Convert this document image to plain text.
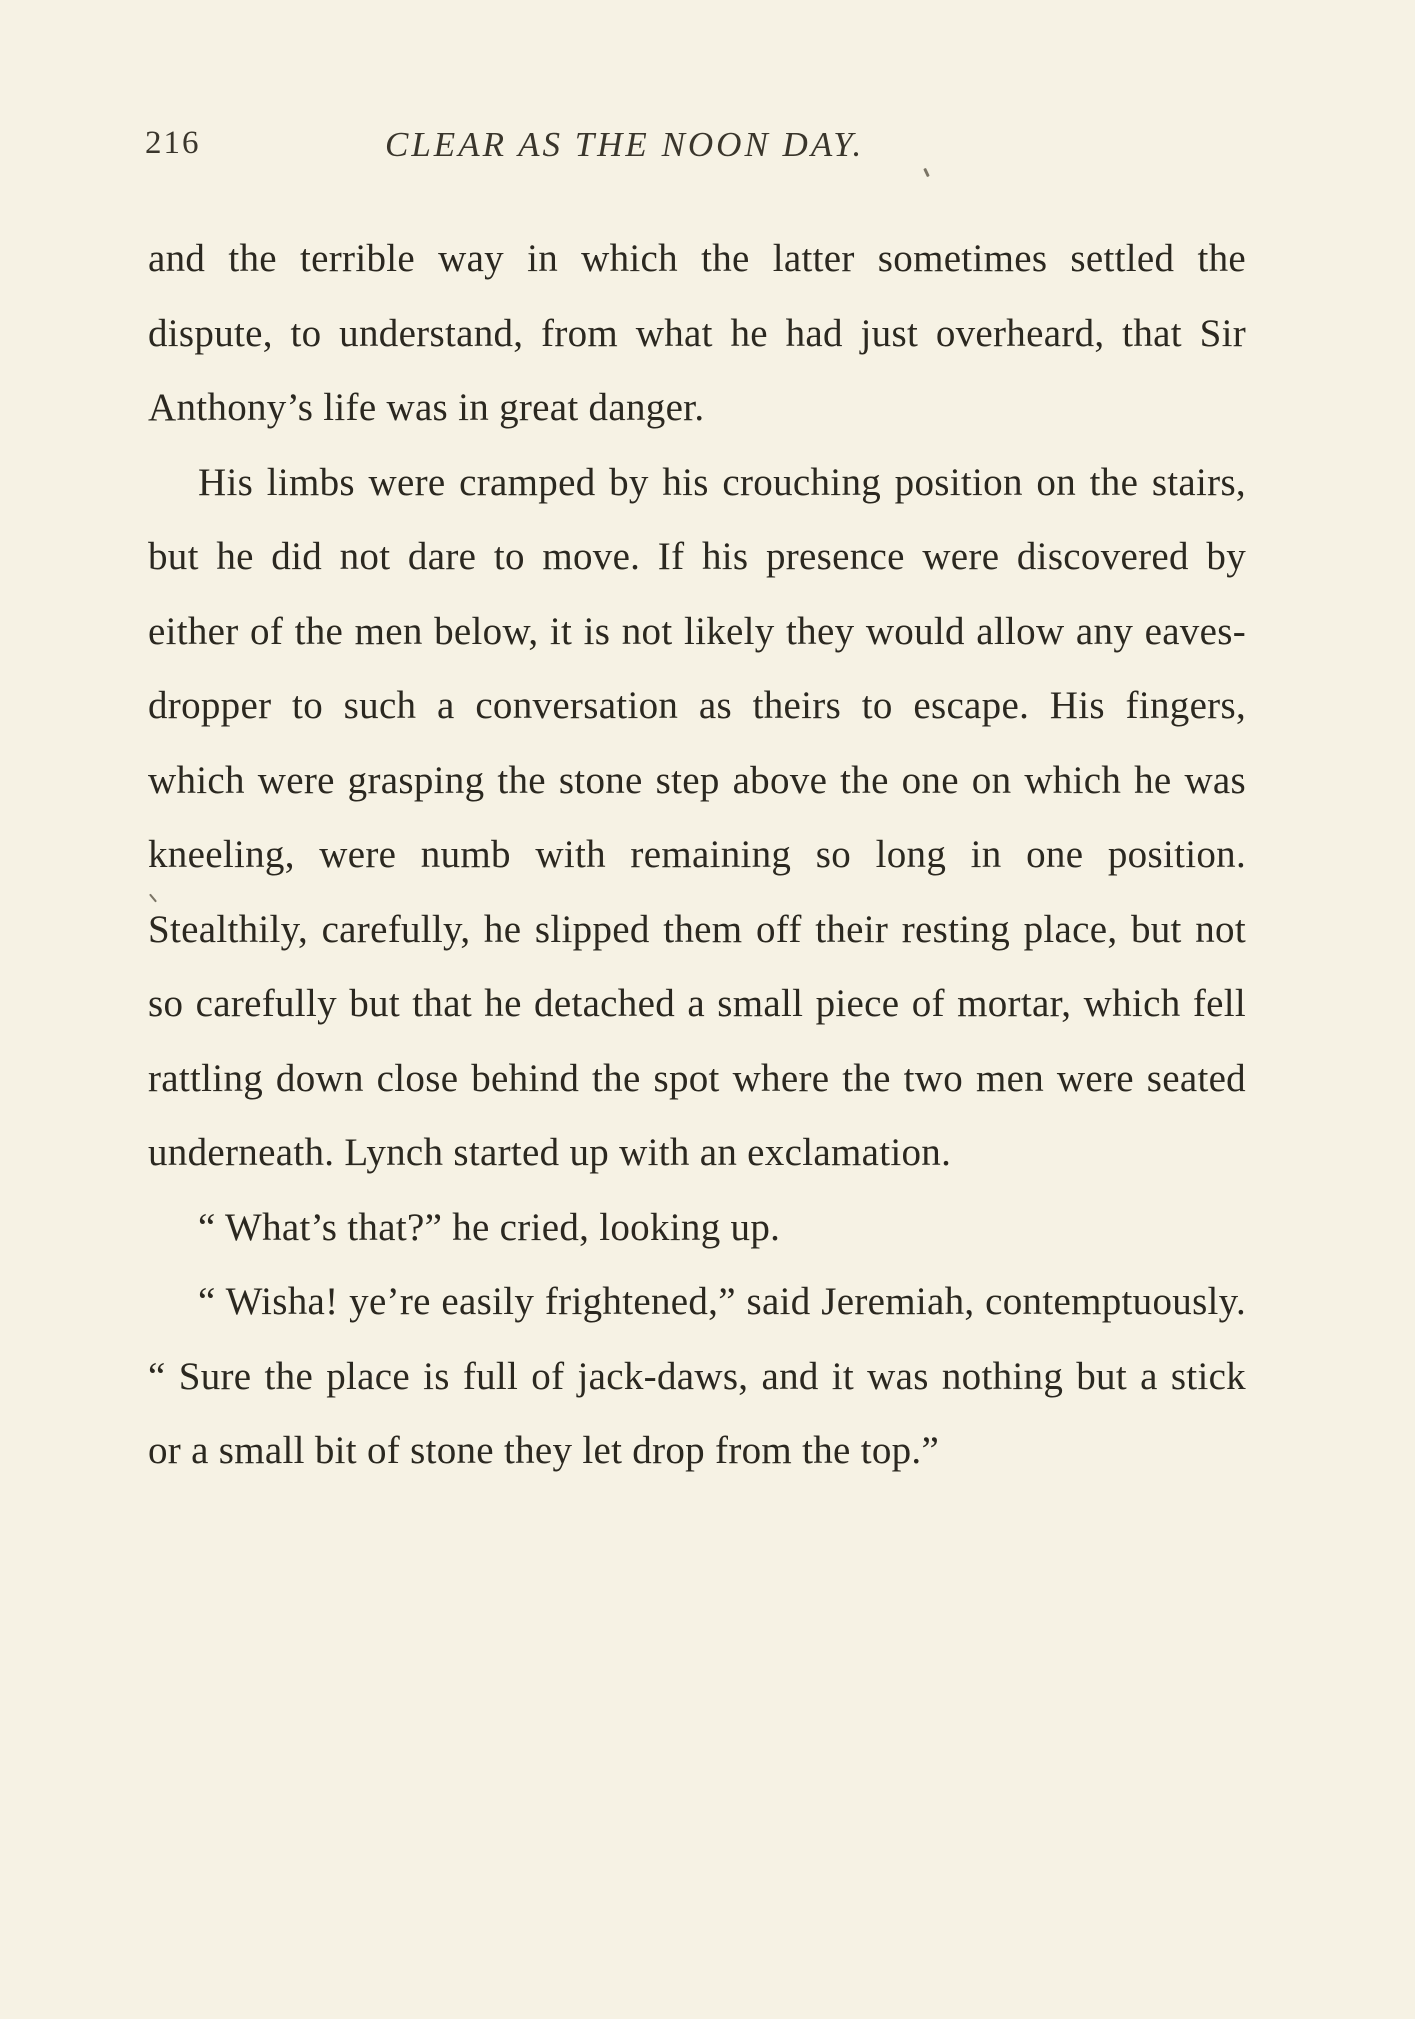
216	CLEAR AS THE NOON DAY.

and the terrible way in which the latter sometimes settled the dispute, to understand, from what he had just overheard, that Sir Anthony’s life was in great danger.

His limbs were cramped by his crouching position on the stairs, but he did not dare to move. If his presence were discovered by either of the men below, it is not likely they would allow any eaves-dropper to such a conversation as theirs to escape. His fingers, which were grasping the stone step above the one on which he was kneeling, were numb with remaining so long in one position. Stealthily, carefully, he slipped them off their resting place, but not so carefully but that he detached a small piece of mortar, which fell rattling down close behind the spot where the two men were seated underneath. Lynch started up with an exclamation.

“ What’s that?” he cried, looking up.

“ Wisha! ye’re easily frightened,” said Jeremiah, contemptuously. “ Sure the place is full of jack-daws, and it was nothing but a stick or a small bit of stone they let drop from the top.”
